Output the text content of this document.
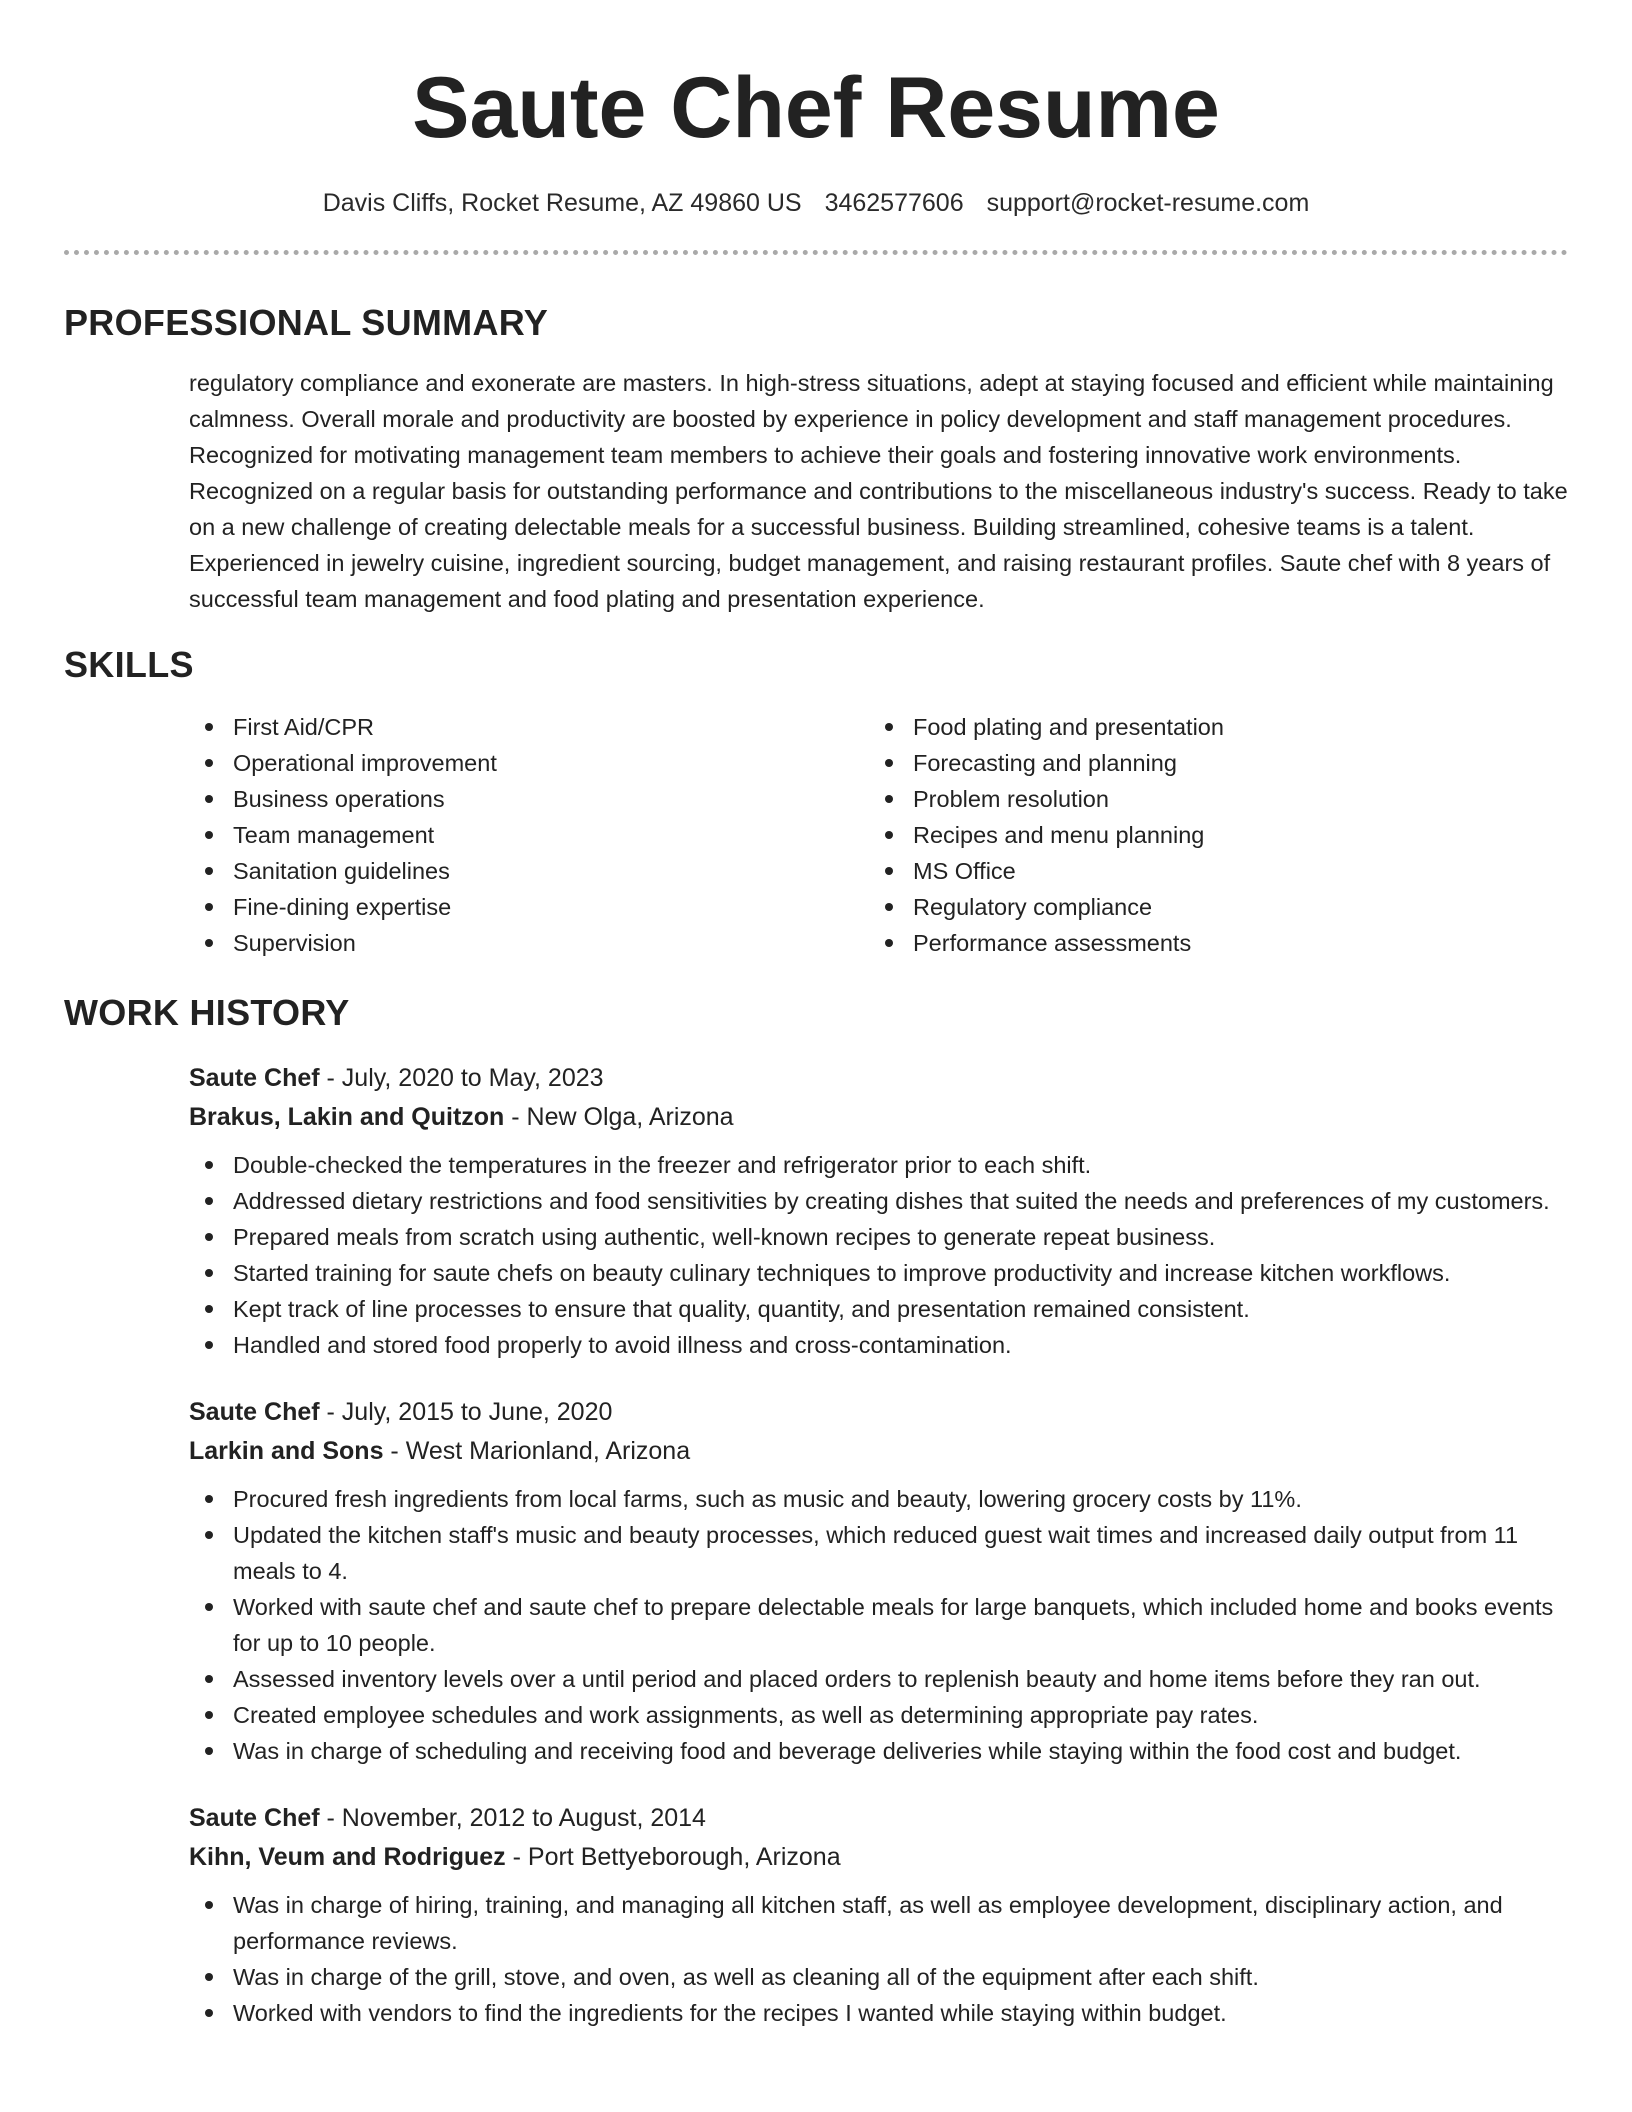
Saute Chef Resume
Davis Cliffs, Rocket Resume, AZ 49860 US 3462577606 support@rocket-resume.com
PROFESSIONAL SUMMARY

regulatory compliance and exonerate are masters. In high-stress situations, adept at staying focused and efficient while maintaining calmness. Overall morale and productivity are boosted by experience in policy development and staff management procedures. Recognized for motivating management team members to achieve their goals and fostering innovative work environments. Recognized on a regular basis for outstanding performance and contributions to the miscellaneous industry's success. Ready to take on a new challenge of creating delectable meals for a successful business. Building streamlined, cohesive teams is a talent. Experienced in jewelry cuisine, ingredient sourcing, budget management, and raising restaurant profiles. Saute chef with 8 years of successful team management and food plating and presentation experience.

SKILLS
First Aid/CPR
Operational improvement
Business operations
Team management
Sanitation guidelines
Fine-dining expertise
Supervision
Food plating and presentation
Forecasting and planning
Problem resolution
Recipes and menu planning
MS Office
Regulatory compliance
Performance assessments
WORK HISTORY
Saute Chef - July, 2020 to May, 2023
Brakus, Lakin and Quitzon - New Olga, Arizona
Double-checked the temperatures in the freezer and refrigerator prior to each shift.
Addressed dietary restrictions and food sensitivities by creating dishes that suited the needs and preferences of my customers.
Prepared meals from scratch using authentic, well-known recipes to generate repeat business.
Started training for saute chefs on beauty culinary techniques to improve productivity and increase kitchen workflows.
Kept track of line processes to ensure that quality, quantity, and presentation remained consistent.
Handled and stored food properly to avoid illness and cross-contamination.
Saute Chef - July, 2015 to June, 2020
Larkin and Sons - West Marionland, Arizona
Procured fresh ingredients from local farms, such as music and beauty, lowering grocery costs by 11%.
Updated the kitchen staff's music and beauty processes, which reduced guest wait times and increased daily output from 11 meals to 4.
Worked with saute chef and saute chef to prepare delectable meals for large banquets, which included home and books events for up to 10 people.
Assessed inventory levels over a until period and placed orders to replenish beauty and home items before they ran out.
Created employee schedules and work assignments, as well as determining appropriate pay rates.
Was in charge of scheduling and receiving food and beverage deliveries while staying within the food cost and budget.
Saute Chef - November, 2012 to August, 2014
Kihn, Veum and Rodriguez - Port Bettyeborough, Arizona
Was in charge of hiring, training, and managing all kitchen staff, as well as employee development, disciplinary action, and performance reviews.
Was in charge of the grill, stove, and oven, as well as cleaning all of the equipment after each shift.
Worked with vendors to find the ingredients for the recipes I wanted while staying within budget.
